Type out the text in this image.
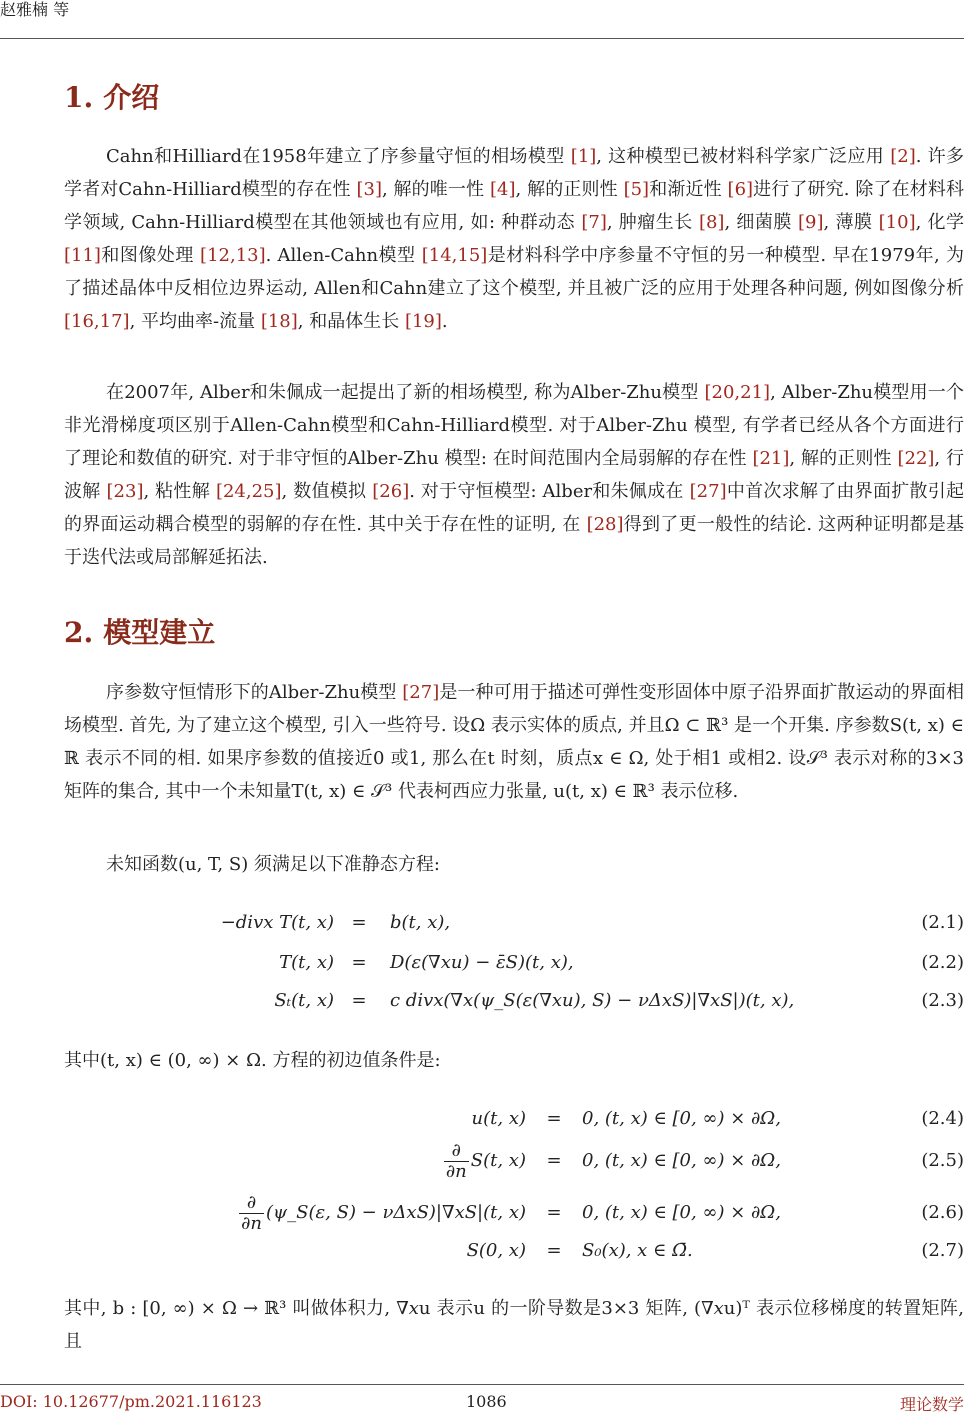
赵雅楠 等
1. 介绍
Cahn和Hilliard在1958年建立了序参量守恒的相场模型 [1], 这种模型已被材料科学家广泛应用 [2]. 许多学者对Cahn-Hilliard模型的存在性 [3], 解的唯一性 [4], 解的正则性 [5]和渐近性 [6]进行了研究. 除了在材料科学领域, Cahn-Hilliard模型在其他领域也有应用, 如: 种群动态 [7], 肿瘤生长 [8], 细菌膜 [9], 薄膜 [10], 化学 [11]和图像处理 [12,13]. Allen-Cahn模型 [14,15]是材料科学中序参量不守恒的另一种模型. 早在1979年, 为了描述晶体中反相位边界运动, Allen和Cahn建立了这个模型, 并且被广泛的应用于处理各种问题, 例如图像分析 [16,17], 平均曲率-流量 [18], 和晶体生长 [19].
在2007年, Alber和朱佩成一起提出了新的相场模型, 称为Alber-Zhu模型 [20,21], Alber-Zhu模型用一个非光滑梯度项区别于Allen-Cahn模型和Cahn-Hilliard模型. 对于Alber-Zhu 模型, 有学者已经从各个方面进行了理论和数值的研究. 对于非守恒的Alber-Zhu 模型: 在时间范围内全局弱解的存在性 [21], 解的正则性 [22], 行波解 [23], 粘性解 [24,25], 数值模拟 [26]. 对于守恒模型: Alber和朱佩成在 [27]中首次求解了由界面扩散引起的界面运动耦合模型的弱解的存在性. 其中关于存在性的证明, 在 [28]得到了更一般性的结论. 这两种证明都是基于迭代法或局部解延拓法.
2. 模型建立
序参数守恒情形下的Alber-Zhu模型 [27]是一种可用于描述可弹性变形固体中原子沿界面扩散运动的界面相场模型. 首先, 为了建立这个模型, 引入一些符号. 设Ω 表示实体的质点, 并且Ω ⊂ ℝ³ 是一个开集. 序参数S(t, x) ∈ ℝ 表示不同的相. 如果序参数的值接近0 或1, 那么在t 时刻，质点x ∈ Ω, 处于相1 或相2. 设𝒮³ 表示对称的3×3 矩阵的集合, 其中一个未知量T(t, x) ∈ 𝒮³ 代表柯西应力张量, u(t, x) ∈ ℝ³ 表示位移.
未知函数(u, T, S) 须满足以下准静态方程:
−div𝑥 T(t, x) =	b(t, x),	(2.1)
T(t, x) =	D(ε(∇𝑥u) − ε̄S)(t, x),	(2.2)
Sₜ(t, x) =	c div𝑥(∇𝑥(ψ_S(ε(∇𝑥u), S) − νΔ𝑥S)|∇𝑥S|)(t, x),	(2.3)
其中(t, x) ∈ (0, ∞) × Ω. 方程的初边值条件是:
u(t, x)	=	0, (t, x) ∈ [0, ∞) × ∂Ω,	(2.4)
$\frac{\partial}{\partial n} S(t$, x)	=	0, (t, x) ∈ [0, ∞) × ∂Ω,	(2.5)
$\frac{\partial}{\partial n}$ (ψ_S(ε, S) − νΔ𝑥S)|∇𝑥S|(t, x)	=	0, (t, x) ∈ [0, ∞) × ∂Ω,	(2.6)
S(0, x)	=	S₀(x), x ∈ Ω̄.	(2.7)
其中, b : [0, ∞) × Ω → ℝ³ 叫做体积力, ∇𝑥u 表示u 的一阶导数是3×3 矩阵, (∇𝑥u)ᵀ 表示位移梯度的转置矩阵, 且
DOI: 10.12677/pm.2021.116123	1086	理论数学
